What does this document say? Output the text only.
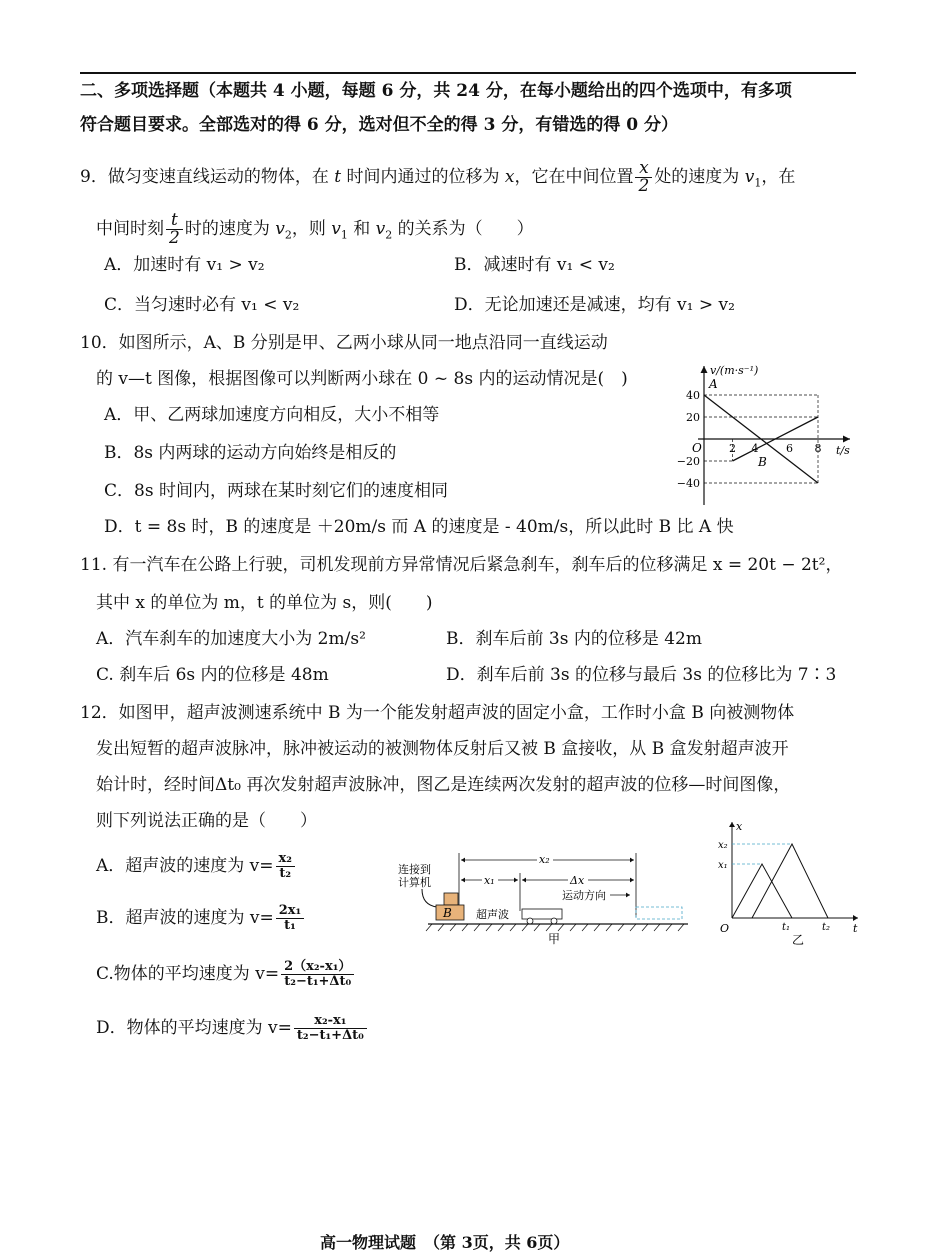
二、多项选择题（本题共 4 小题，每题 6 分，共 24 分，在每小题给出的四个选项中，有多项
符合题目要求。全部选对的得 6 分，选对但不全的得 3 分，有错选的得 0 分）
9．做匀变速直线运动的物体，在 t 时间内通过的位移为 x，它在中间位置 $\frac{x}{2}$ 处的速度为 $v_1$，在
中间时刻 $\frac{t}{2}$ 时的速度为 $v_2$，则 $v_1$ 和 $v_2$ 的关系为（　　）
A．加速时有 v₁ > v₂	B．减速时有 v₁ < v₂
C．当匀速时必有 v₁ < v₂	D．无论加速还是减速，均有 v₁ > v₂
10．如图所示，A、B 分别是甲、乙两小球从同一地点沿同一直线运动
的 v—t 图像，根据图像可以判断两小球在 0 ~ 8s 内的运动情况是(　)
A．甲、乙两球加速度方向相反，大小不相等
B．8s 内两球的运动方向始终是相反的
C．8s 时间内，两球在某时刻它们的速度相同
D．t = 8s 时，B 的速度是 ＋20m/s 而 A 的速度是 ‑ 40m/s，所以此时 B 比 A 快
v/(m·s⁻¹)
t/s
O
40
20
−20
−40
2 4	6 8
A
B
11. 有一汽车在公路上行驶，司机发现前方异常情况后紧急刹车，刹车后的位移满足 x = 20t − 2t²，
其中 x 的单位为 m，t 的单位为 s，则(　　)
A．汽车刹车的加速度大小为 2m/s²	B．刹车后前 3s 内的位移是 42m
C. 刹车后 6s 内的位移是 48m	D．刹车后前 3s 的位移与最后 3s 的位移比为 7∶3
12．如图甲，超声波测速系统中 B 为一个能发射超声波的固定小盒，工作时小盒 B 向被测物体
发出短暂的超声波脉冲，脉冲被运动的被测物体反射后又被 B 盒接收，从 B 盒发射超声波开
始计时，经时间Δt₀ 再次发射超声波脉冲，图乙是连续两次发射的超声波的位移—时间图像，
则下列说法正确的是（　　）
A．超声波的速度为 $v= \frac{\text{x₂}}{\text{t₂}}$
B．超声波的速度为 $v= \frac{\text{2x₁}}{\text{t₁}}$
C.物体的平均速度为 $v= \frac{\text{2（x₂-x₁）}}{\text{t₂−t₁+Δt₀}}$
D．物体的平均速度为 $v= \frac{\text{x₂-x₁}}{\text{t₂−t₁+Δt₀}}$
连接到
计算机
B
x₂
x₁	Δx
运动方向
超声波
甲
x
t
O
x₂
x₁
t₁	t₂
乙
高一物理试题　（第 3页，共 6页）
